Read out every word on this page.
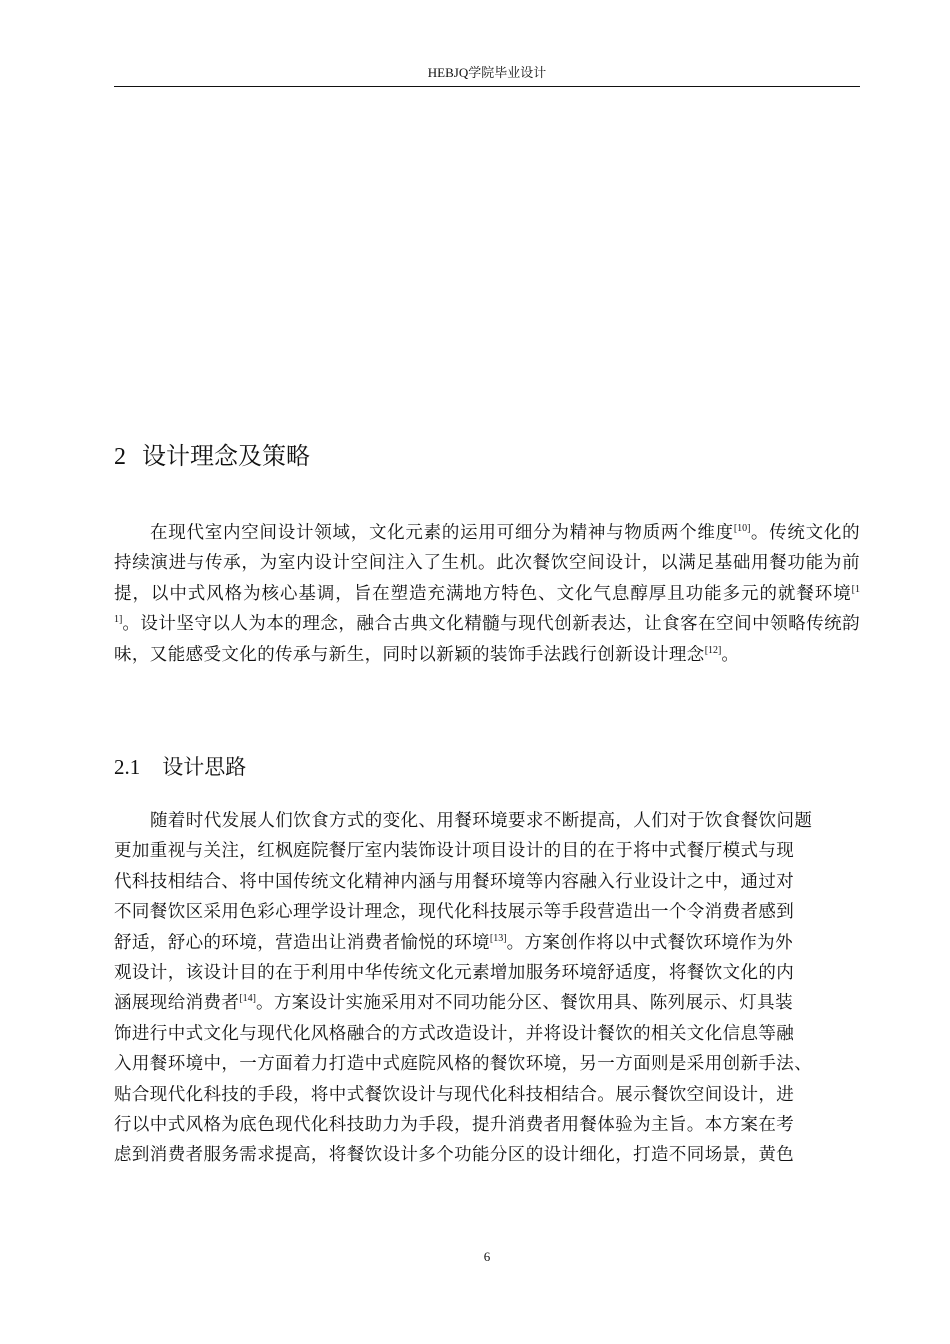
HEBJQ学院毕业设计
2 设计理念及策略

在现代室内空间设计领域，文化元素的运用可细分为精神与物质两个维度[10]。传统文化的持续演进与传承，为室内设计空间注入了生机。此次餐饮空间设计，以满足基础用餐功能为前提，以中式风格为核心基调，旨在塑造充满地方特色、文化气息醇厚且功能多元的就餐环境[11]。设计坚守以人为本的理念，融合古典文化精髓与现代创新表达，让食客在空间中领略传统韵味，又能感受文化的传承与新生，同时以新颖的装饰手法践行创新设计理念[12]。

2.1 设计思路

随着时代发展人们饮食方式的变化、用餐环境要求不断提高，人们对于饮食餐饮问题
更加重视与关注，红枫庭院餐厅室内装饰设计项目设计的目的在于将中式餐厅模式与现
代科技相结合、将中国传统文化精神内涵与用餐环境等内容融入行业设计之中，通过对
不同餐饮区采用色彩心理学设计理念，现代化科技展示等手段营造出一个令消费者感到
舒适，舒心的环境，营造出让消费者愉悦的环境[13]。方案创作将以中式餐饮环境作为外
观设计，该设计目的在于利用中华传统文化元素增加服务环境舒适度，将餐饮文化的内
涵展现给消费者[14]。方案设计实施采用对不同功能分区、餐饮用具、陈列展示、灯具装
饰进行中式文化与现代化风格融合的方式改造设计，并将设计餐饮的相关文化信息等融
入用餐环境中，一方面着力打造中式庭院风格的餐饮环境，另一方面则是采用创新手法、
贴合现代化科技的手段，将中式餐饮设计与现代化科技相结合。展示餐饮空间设计，进
行以中式风格为底色现代化科技助力为手段，提升消费者用餐体验为主旨。本方案在考
虑到消费者服务需求提高，将餐饮设计多个功能分区的设计细化，打造不同场景，黄色

6
